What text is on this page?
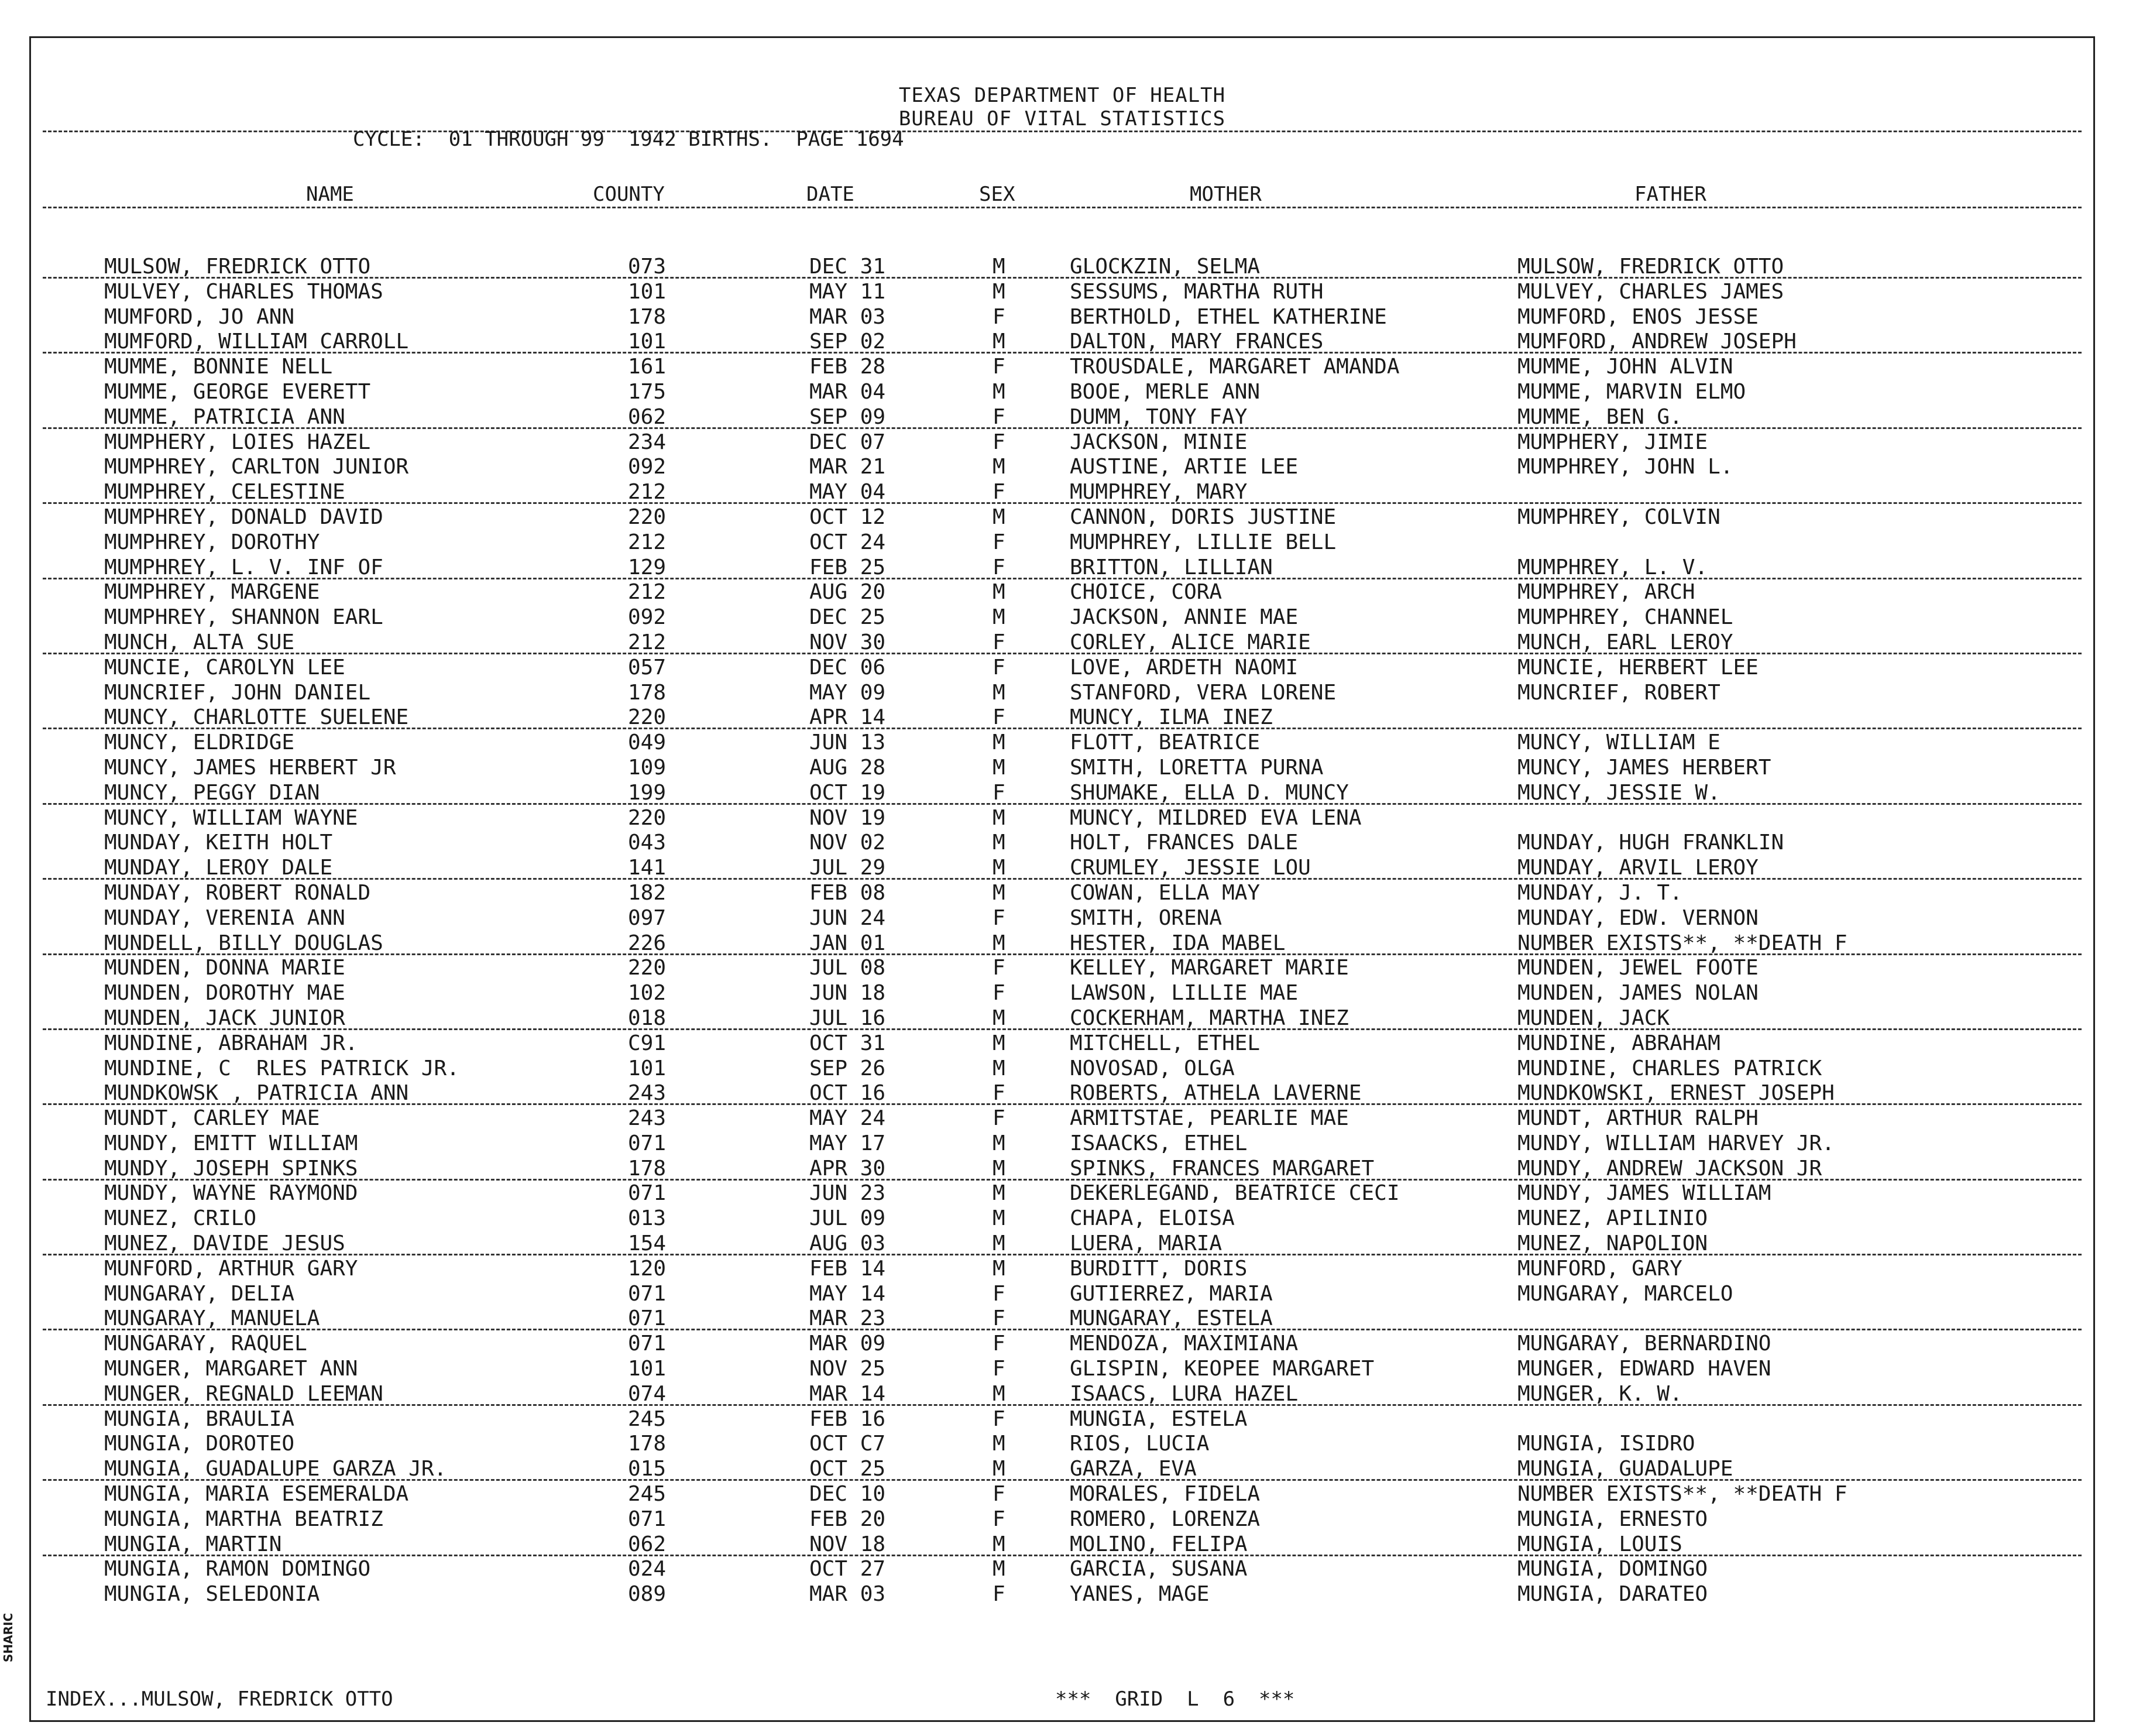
TEXAS DEPARTMENT OF HEALTH
BUREAU OF VITAL STATISTICS
CYCLE:  01 THROUGH 99  1942 BIRTHS.  PAGE 1694
NAME	COUNTY	DATE	SEX	MOTHER	FATHER
MULSOW, FREDRICK OTTO	073	DEC 31	M	GLOCKZIN, SELMA	MULSOW, FREDRICK OTTO
MULVEY, CHARLES THOMAS	101	MAY 11	M	SESSUMS, MARTHA RUTH	MULVEY, CHARLES JAMES
MUMFORD, JO ANN	178	MAR 03	F	BERTHOLD, ETHEL KATHERINE	MUMFORD, ENOS JESSE
MUMFORD, WILLIAM CARROLL	101	SEP 02	M	DALTON, MARY FRANCES	MUMFORD, ANDREW JOSEPH
MUMME, BONNIE NELL	161	FEB 28	F	TROUSDALE, MARGARET AMANDA	MUMME, JOHN ALVIN
MUMME, GEORGE EVERETT	175	MAR 04	M	BOOE, MERLE ANN	MUMME, MARVIN ELMO
MUMME, PATRICIA ANN	062	SEP 09	F	DUMM, TONY FAY	MUMME, BEN G.
MUMPHERY, LOIES HAZEL	234	DEC 07	F	JACKSON, MINIE	MUMPHERY, JIMIE
MUMPHREY, CARLTON JUNIOR	092	MAR 21	M	AUSTINE, ARTIE LEE	MUMPHREY, JOHN L.
MUMPHREY, CELESTINE	212	MAY 04	F	MUMPHREY, MARY
MUMPHREY, DONALD DAVID	220	OCT 12	M	CANNON, DORIS JUSTINE	MUMPHREY, COLVIN
MUMPHREY, DOROTHY	212	OCT 24	F	MUMPHREY, LILLIE BELL
MUMPHREY, L. V. INF OF	129	FEB 25	F	BRITTON, LILLIAN	MUMPHREY, L. V.
MUMPHREY, MARGENE	212	AUG 20	M	CHOICE, CORA	MUMPHREY, ARCH
MUMPHREY, SHANNON EARL	092	DEC 25	M	JACKSON, ANNIE MAE	MUMPHREY, CHANNEL
MUNCH, ALTA SUE	212	NOV 30	F	CORLEY, ALICE MARIE	MUNCH, EARL LEROY
MUNCIE, CAROLYN LEE	057	DEC 06	F	LOVE, ARDETH NAOMI	MUNCIE, HERBERT LEE
MUNCRIEF, JOHN DANIEL	178	MAY 09	M	STANFORD, VERA LORENE	MUNCRIEF, ROBERT
MUNCY, CHARLOTTE SUELENE	220	APR 14	F	MUNCY, ILMA INEZ
MUNCY, ELDRIDGE	049	JUN 13	M	FLOTT, BEATRICE	MUNCY, WILLIAM E
MUNCY, JAMES HERBERT JR	109	AUG 28	M	SMITH, LORETTA PURNA	MUNCY, JAMES HERBERT
MUNCY, PEGGY DIAN	199	OCT 19	F	SHUMAKE, ELLA D. MUNCY	MUNCY, JESSIE W.
MUNCY, WILLIAM WAYNE	220	NOV 19	M	MUNCY, MILDRED EVA LENA
MUNDAY, KEITH HOLT	043	NOV 02	M	HOLT, FRANCES DALE	MUNDAY, HUGH FRANKLIN
MUNDAY, LEROY DALE	141	JUL 29	M	CRUMLEY, JESSIE LOU	MUNDAY, ARVIL LEROY
MUNDAY, ROBERT RONALD	182	FEB 08	M	COWAN, ELLA MAY	MUNDAY, J. T.
MUNDAY, VERENIA ANN	097	JUN 24	F	SMITH, ORENA	MUNDAY, EDW. VERNON
MUNDELL, BILLY DOUGLAS	226	JAN 01	M	HESTER, IDA MABEL	NUMBER EXISTS**, **DEATH F
MUNDEN, DONNA MARIE	220	JUL 08	F	KELLEY, MARGARET MARIE	MUNDEN, JEWEL FOOTE
MUNDEN, DOROTHY MAE	102	JUN 18	F	LAWSON, LILLIE MAE	MUNDEN, JAMES NOLAN
MUNDEN, JACK JUNIOR	018	JUL 16	M	COCKERHAM, MARTHA INEZ	MUNDEN, JACK
MUNDINE, ABRAHAM JR.	C91	OCT 31	M	MITCHELL, ETHEL	MUNDINE, ABRAHAM
MUNDINE, C  RLES PATRICK JR.	101	SEP 26	M	NOVOSAD, OLGA	MUNDINE, CHARLES PATRICK
MUNDKOWSK , PATRICIA ANN	243	OCT 16	F	ROBERTS, ATHELA LAVERNE	MUNDKOWSKI, ERNEST JOSEPH
MUNDT, CARLEY MAE	243	MAY 24	F	ARMITSTAE, PEARLIE MAE	MUNDT, ARTHUR RALPH
MUNDY, EMITT WILLIAM	071	MAY 17	M	ISAACKS, ETHEL	MUNDY, WILLIAM HARVEY JR.
MUNDY, JOSEPH SPINKS	178	APR 30	M	SPINKS, FRANCES MARGARET	MUNDY, ANDREW JACKSON JR
MUNDY, WAYNE RAYMOND	071	JUN 23	M	DEKERLEGAND, BEATRICE CECI	MUNDY, JAMES WILLIAM
MUNEZ, CRILO	013	JUL 09	M	CHAPA, ELOISA	MUNEZ, APILINIO
MUNEZ, DAVIDE JESUS	154	AUG 03	M	LUERA, MARIA	MUNEZ, NAPOLION
MUNFORD, ARTHUR GARY	120	FEB 14	M	BURDITT, DORIS	MUNFORD, GARY
MUNGARAY, DELIA	071	MAY 14	F	GUTIERREZ, MARIA	MUNGARAY, MARCELO
MUNGARAY, MANUELA	071	MAR 23	F	MUNGARAY, ESTELA
MUNGARAY, RAQUEL	071	MAR 09	F	MENDOZA, MAXIMIANA	MUNGARAY, BERNARDINO
MUNGER, MARGARET ANN	101	NOV 25	F	GLISPIN, KEOPEE MARGARET	MUNGER, EDWARD HAVEN
MUNGER, REGNALD LEEMAN	074	MAR 14	M	ISAACS, LURA HAZEL	MUNGER, K. W.
MUNGIA, BRAULIA	245	FEB 16	F	MUNGIA, ESTELA
MUNGIA, DOROTEO	178	OCT C7	M	RIOS, LUCIA	MUNGIA, ISIDRO
MUNGIA, GUADALUPE GARZA JR.	015	OCT 25	M	GARZA, EVA	MUNGIA, GUADALUPE
MUNGIA, MARIA ESEMERALDA	245	DEC 10	F	MORALES, FIDELA	NUMBER EXISTS**, **DEATH F
MUNGIA, MARTHA BEATRIZ	071	FEB 20	F	ROMERO, LORENZA	MUNGIA, ERNESTO
MUNGIA, MARTIN	062	NOV 18	M	MOLINO, FELIPA	MUNGIA, LOUIS
MUNGIA, RAMON DOMINGO	024	OCT 27	M	GARCIA, SUSANA	MUNGIA, DOMINGO
MUNGIA, SELEDONIA	089	MAR 03	F	YANES, MAGE	MUNGIA, DARATEO
INDEX...MULSOW, FREDRICK OTTO	***  GRID  L  6  ***
SHARIC
